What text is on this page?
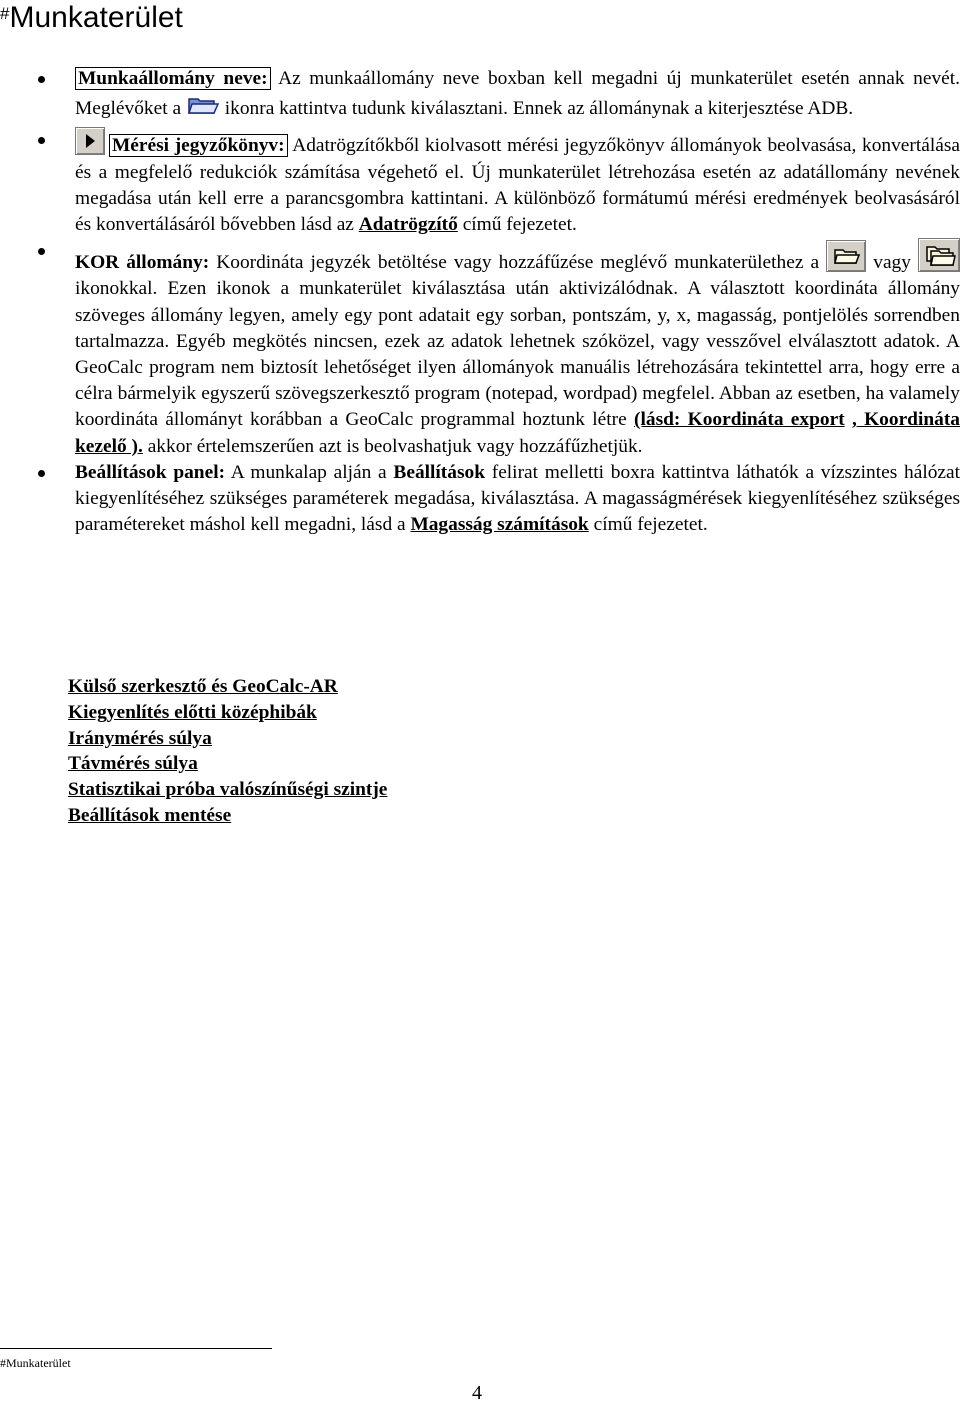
#Munkaterület

Munkaállomány neve: Az munkaállomány neve boxban kell megadni új munkaterület esetén annak nevét. Meglévőket a
ikonra kattintva tudunk kiválasztani. Ennek az állománynak a kiterjesztése ADB.

Mérési jegyzőkönyv: Adatrögzítőkből kiolvasott mérési jegyzőkönyv állományok beolvasása, konvertálása és a megfelelő redukciók számítása végehető el. Új munkaterület létrehozása esetén az adatállomány nevének megadása után kell erre a parancsgombra kattintani. A különböző formátumú mérési eredmények beolvasásáról és konvertálásáról bővebben lásd az Adatrögzítő című fejezetet.

KOR állomány: Koordináta jegyzék betöltése vagy hozzáfűzése meglévő munkaterülethez a
vagy
ikonokkal. Ezen ikonok a munkaterület kiválasztása után aktivizálódnak. A választott koordináta állomány szöveges állomány legyen, amely egy pont adatait egy sorban, pontszám, y, x, magasság, pontjelölés sorrendben tartalmazza. Egyéb megkötés nincsen, ezek az adatok lehetnek szóközel, vagy vesszővel elválasztott adatok. A GeoCalc program nem biztosít lehetőséget ilyen állományok manuális létrehozására tekintettel arra, hogy erre a célra bármelyik egyszerű szövegszerkesztő program (notepad, wordpad) megfelel. Abban az esetben, ha valamely koordináta állományt korábban a GeoCalc programmal hoztunk létre (lásd: Koordináta export , Koordináta kezelő ). akkor értelemszerűen azt is beolvashatjuk vagy hozzáfűzhetjük.

Beállítások panel: A munkalap alján a Beállítások felirat melletti boxra kattintva láthatók a vízszintes hálózat kiegyenlítéséhez szükséges paraméterek megadása, kiválasztása. A magasságmérések kiegyenlítéséhez szükséges paramétereket máshol kell megadni, lásd a Magasság számítások című fejezetet.

Külső szerkesztő és GeoCalc-AR
Kiegyenlítés előtti középhibák
Iránymérés súlya
Távmérés súlya
Statisztikai próba valószínűségi szintje
Beállítások mentése
#Munkaterület
4
